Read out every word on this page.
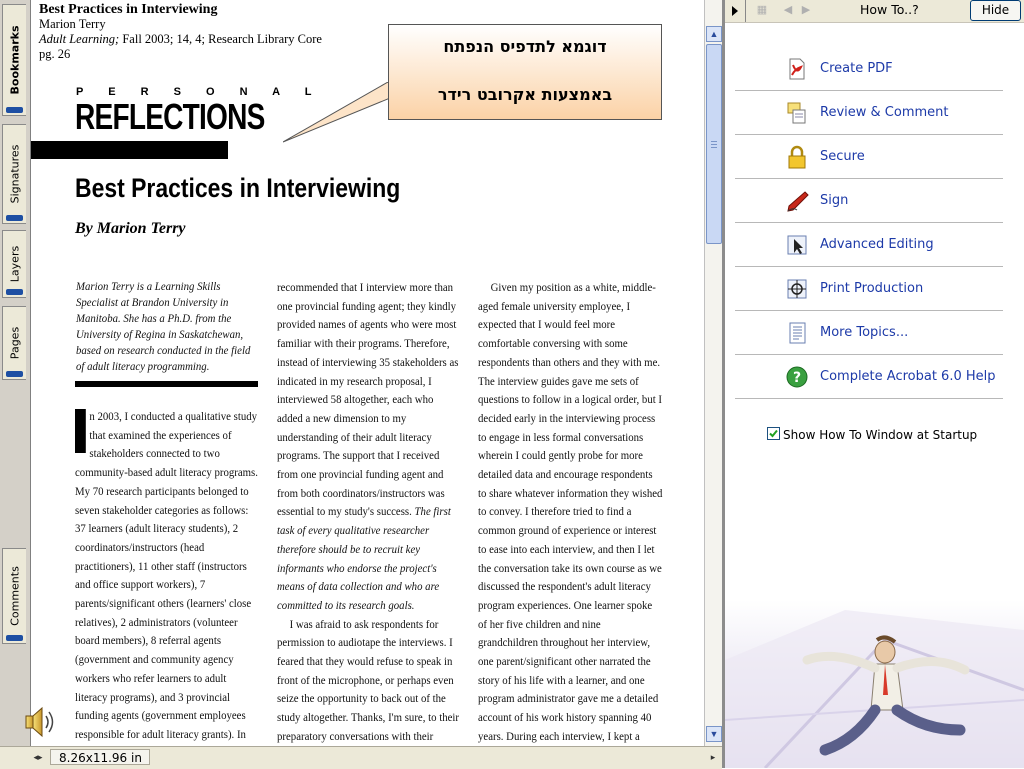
Bookmarks
Signatures
Layers
Pages
Comments
Best Practices in Interviewing
Marion Terry
Adult Learning; Fall 2003; 14, 4; Research Library Core
pg. 26
P E R S O N A L
REFLECTIONS
Best Practices in Interviewing
By Marion Terry
Marion Terry is a Learning Skills Specialist at Brandon University in Manitoba. She has a Ph.D. from the University of Regina in Saskatchewan, based on research conducted in the field of adult literacy programming.
I n 2003, I conducted a qualitative study that examined the experiences of stakeholders connected to two community-based adult literacy programs. My 70 research participants belonged to seven stakeholder categories as follows: 37 learners (adult literacy students), 2 coordinators/instructors (head practitioners), 11 other staff (instructors and office support workers), 7 parents/significant others (learners' close relatives), 2 administrators (volunteer board members), 8 referral agents (government and community agency workers who refer learners to adult literacy programs), and 3 provincial funding agents (government employees responsible for adult literacy grants). In

recommended that I interview more than one provincial funding agent; they kindly provided names of agents who were most familiar with their programs. Therefore, instead of interviewing 35 stakeholders as indicated in my research proposal, I interviewed 58 altogether, each who added a new dimension to my understanding of their adult literacy programs. The support that I received from one provincial funding agent and from both coordinators/instructors was essential to my study's success. The first task of every qualitative researcher therefore should be to recruit key informants who endorse the project's means of data collection and who are committed to its research goals.

I was afraid to ask respondents for permission to audiotape the interviews. I feared that they would refuse to speak in front of the microphone, or perhaps even seize the opportunity to back out of the study altogether. Thanks, I'm sure, to their preparatory conversations with their

Given my position as a white, middle-aged female university employee, I expected that I would feel more comfortable conversing with some respondents than others and they with me. The interview guides gave me sets of questions to follow in a logical order, but I decided early in the interviewing process to engage in less formal conversations wherein I could gently probe for more detailed data and encourage respondents to share whatever information they wished to convey. I therefore tried to find a common ground of experience or interest to ease into each interview, and then I let the conversation take its own course as we discussed the respondent's adult literacy program experiences. One learner spoke of her five children and nine grandchildren throughout her interview, one parent/significant other narrated the story of his life with a learner, and one program administrator gave me a detailed account of his work history spanning 40 years. During each interview, I kept a

דוגמא לתדפיס הנפתח
באמצעות אקרובט רידר
▲
▼
◂▸	8.26x11.96 in	▸
▦ ◀ ▶	How To..?	Hide
Create PDF
Review & Comment
Secure
Sign
Advanced Editing
Print Production
More Topics...
? Complete Acrobat 6.0 Help
Show How To Window at Startup
